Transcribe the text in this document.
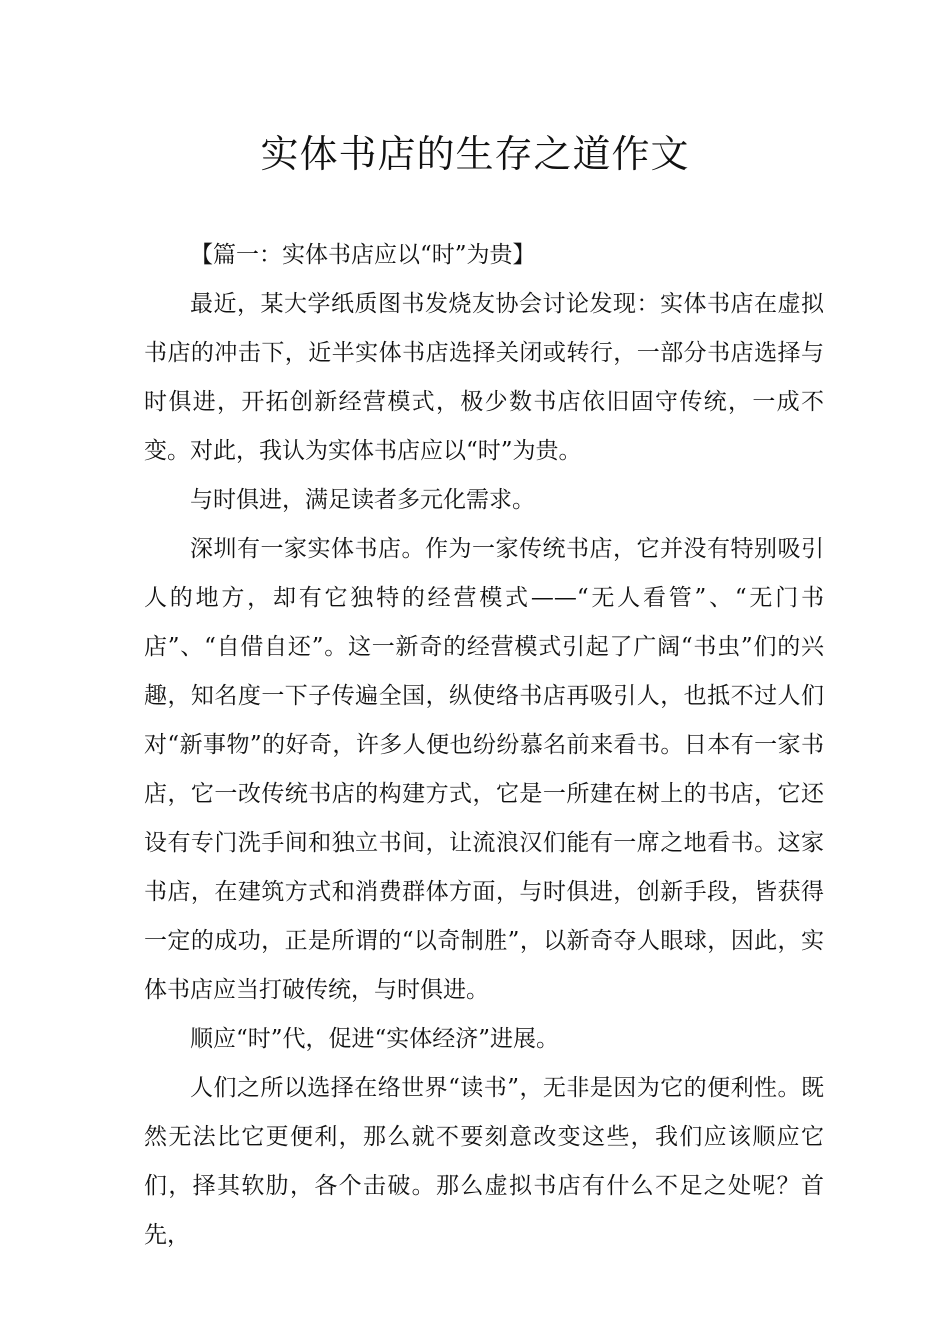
实体书店的生存之道作文

【篇一：实体书店应以“时”为贵】

最近，某大学纸质图书发烧友协会讨论发现：实体书店在虚拟书店的冲击下，近半实体书店选择关闭或转行，一部分书店选择与时俱进，开拓创新经营模式，极少数书店依旧固守传统，一成不变。对此，我认为实体书店应以“时”为贵。

与时俱进，满足读者多元化需求。

深圳有一家实体书店。作为一家传统书店，它并没有特别吸引人的地方，却有它独特的经营模式——“无人看管”、“无门书店”、“自借自还”。这一新奇的经营模式引起了广阔“书虫”们的兴趣，知名度一下子传遍全国，纵使络书店再吸引人，也抵不过人们对“新事物”的好奇，许多人便也纷纷慕名前来看书。日本有一家书店，它一改传统书店的构建方式，它是一所建在树上的书店，它还设有专门洗手间和独立书间，让流浪汉们能有一席之地看书。这家书店，在建筑方式和消费群体方面，与时俱进，创新手段，皆获得一定的成功，正是所谓的“以奇制胜”，以新奇夺人眼球，因此，实体书店应当打破传统，与时俱进。

顺应“时”代，促进“实体经济”进展。

人们之所以选择在络世界“读书”，无非是因为它的便利性。既然无法比它更便利，那么就不要刻意改变这些，我们应该顺应它们，择其软肋，各个击破。那么虚拟书店有什么不足之处呢？首先，
